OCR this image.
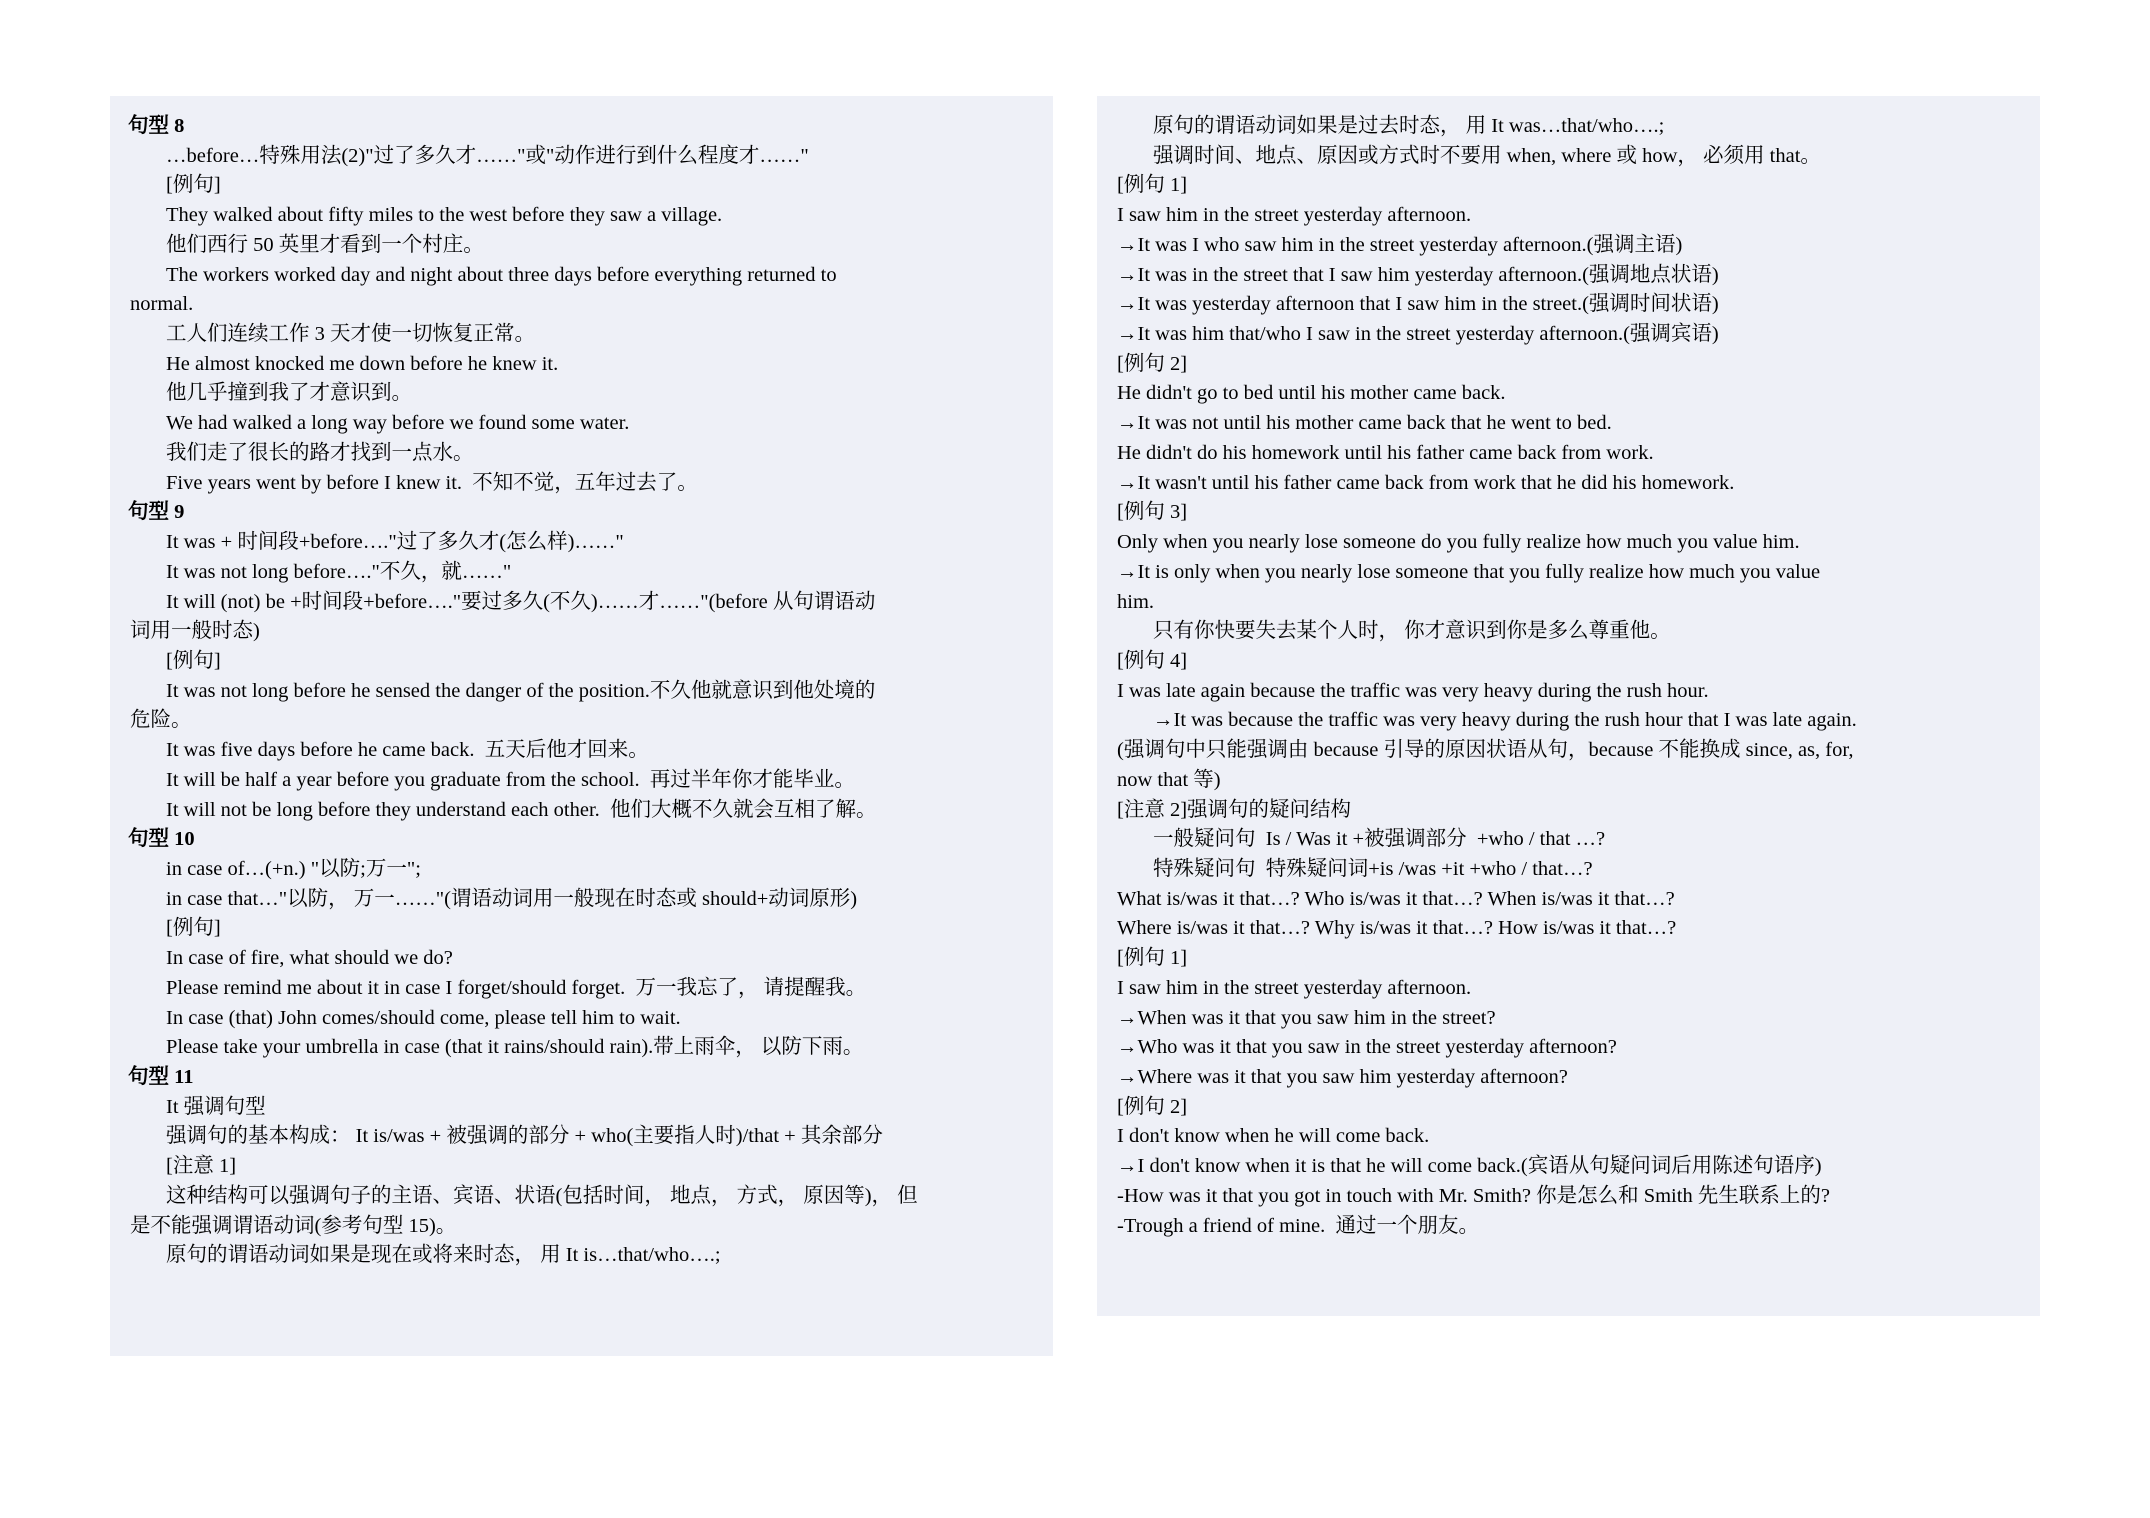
句型 8
…before…特殊用法(2)"过了多久才……"或"动作进行到什么程度才……"
[例句]
They walked about fifty miles to the west before they saw a village.
他们西行 50 英里才看到一个村庄。
The workers worked day and night about three days before everything returned to
normal.
工人们连续工作 3 天才使一切恢复正常。
He almost knocked me down before he knew it.
他几乎撞到我了才意识到。
We had walked a long way before we found some water.
我们走了很长的路才找到一点水。
Five years went by before I knew it.  不知不觉，五年过去了。
句型 9
It was + 时间段+before…."过了多久才(怎么样)……"
It was not long before…."不久，就……"
It will (not) be +时间段+before…."要过多久(不久)……才……"(before 从句谓语动
词用一般时态)
[例句]
It was not long before he sensed the danger of the position.不久他就意识到他处境的
危险。
It was five days before he came back.  五天后他才回来。
It will be half a year before you graduate from the school.  再过半年你才能毕业。
It will not be long before they understand each other.  他们大概不久就会互相了解。
句型 10
in case of…(+n.) "以防;万一";
in case that…"以防， 万一……"(谓语动词用一般现在时态或 should+动词原形)
[例句]
In case of fire, what should we do?
Please remind me about it in case I forget/should forget.  万一我忘了， 请提醒我。
In case (that) John comes/should come, please tell him to wait.
Please take your umbrella in case (that it rains/should rain).带上雨伞， 以防下雨。
句型 11
It 强调句型
强调句的基本构成： It is/was + 被强调的部分 + who(主要指人时)/that + 其余部分
[注意 1]
这种结构可以强调句子的主语、宾语、状语(包括时间， 地点， 方式， 原因等)， 但
是不能强调谓语动词(参考句型 15)。
原句的谓语动词如果是现在或将来时态， 用 It is…that/who….;
原句的谓语动词如果是过去时态， 用 It was…that/who….;
强调时间、地点、原因或方式时不要用 when, where 或 how， 必须用 that。
[例句 1]
I saw him in the street yesterday afternoon.
→It was I who saw him in the street yesterday afternoon.(强调主语)
→It was in the street that I saw him yesterday afternoon.(强调地点状语)
→It was yesterday afternoon that I saw him in the street.(强调时间状语)
→It was him that/who I saw in the street yesterday afternoon.(强调宾语)
[例句 2]
He didn't go to bed until his mother came back.
→It was not until his mother came back that he went to bed.
He didn't do his homework until his father came back from work.
→It wasn't until his father came back from work that he did his homework.
[例句 3]
Only when you nearly lose someone do you fully realize how much you value him.
→It is only when you nearly lose someone that you fully realize how much you value
him.
只有你快要失去某个人时， 你才意识到你是多么尊重他。
[例句 4]
I was late again because the traffic was very heavy during the rush hour.
→It was because the traffic was very heavy during the rush hour that I was late again.
(强调句中只能强调由 because 引导的原因状语从句，because 不能换成 since, as, for,
now that 等)
[注意 2]强调句的疑问结构
一般疑问句  Is / Was it +被强调部分  +who / that …?
特殊疑问句  特殊疑问词+is /was +it +who / that…?
What is/was it that…? Who is/was it that…? When is/was it that…?
Where is/was it that…? Why is/was it that…? How is/was it that…?
[例句 1]
I saw him in the street yesterday afternoon.
→When was it that you saw him in the street?
→Who was it that you saw in the street yesterday afternoon?
→Where was it that you saw him yesterday afternoon?
[例句 2]
I don't know when he will come back.
→I don't know when it is that he will come back.(宾语从句疑问词后用陈述句语序)
-How was it that you got in touch with Mr. Smith? 你是怎么和 Smith 先生联系上的?
-Trough a friend of mine.  通过一个朋友。
